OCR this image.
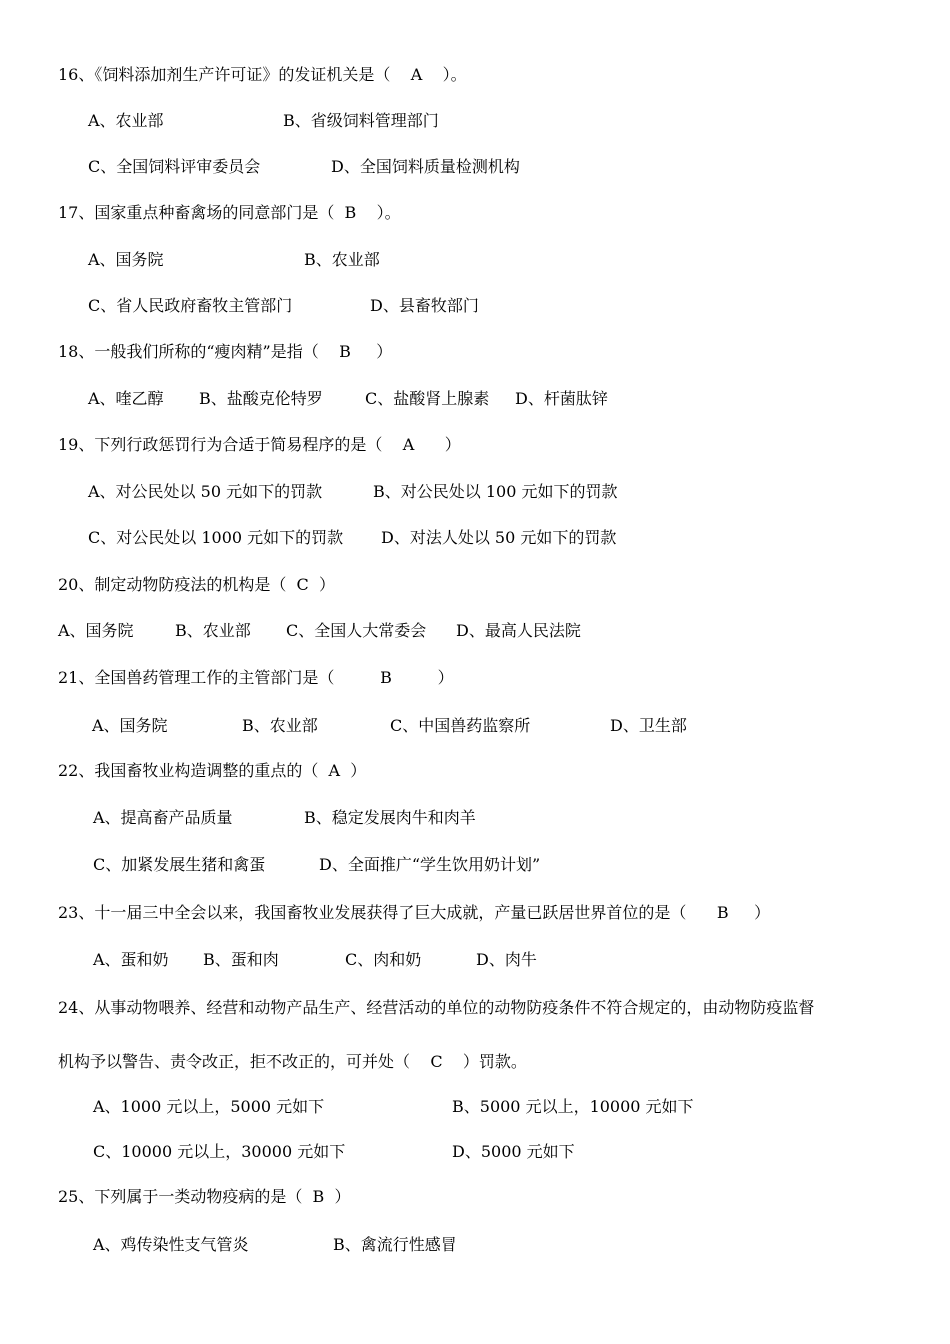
16、《饲料添加剂生产许可证》的发证机关是（    A    ）。
A、农业部	B、省级饲料管理部门
C、全国饲料评审委员会	D、全国饲料质量检测机构
17、国家重点种畜禽场的同意部门是（  B    ）。
A、国务院	B、农业部
C、省人民政府畜牧主管部门	D、县畜牧部门
18、一般我们所称的“瘦肉精”是指（    B     ）
A、喹乙醇 B、盐酸克伦特罗	C、盐酸肾上腺素 D、杆菌肽锌
19、下列行政惩罚行为合适于简易程序的是（    A      ）
A、对公民处以 50 元如下的罚款	B、对公民处以 100 元如下的罚款
C、对公民处以 1000 元如下的罚款 D、对法人处以 50 元如下的罚款
20、制定动物防疫法的机构是（  C  ）
A、国务院	B、农业部 C、全国人大常委会 D、最高人民法院
21、全国兽药管理工作的主管部门是（         B         ）
A、国务院	B、农业部	C、中国兽药监察所	D、卫生部
22、我国畜牧业构造调整的重点的（  A  ）
A、提高畜产品质量	B、稳定发展肉牛和肉羊
C、加紧发展生猪和禽蛋	D、全面推广“学生饮用奶计划”
23、十一届三中全会以来，我国畜牧业发展获得了巨大成就，产量已跃居世界首位的是（      B     ）
A、蛋和奶 B、蛋和肉	C、肉和奶	D、肉牛
24、从事动物喂养、经营和动物产品生产、经营活动的单位的动物防疫条件不符合规定的，由动物防疫监督
机构予以警告、责令改正，拒不改正的，可并处（    C    ）罚款。
A、1000 元以上，5000 元如下	B、5000 元以上，10000 元如下
C、10000 元以上，30000 元如下	D、5000 元如下
25、下列属于一类动物疫病的是（  B  ）
A、鸡传染性支气管炎	B、禽流行性感冒
